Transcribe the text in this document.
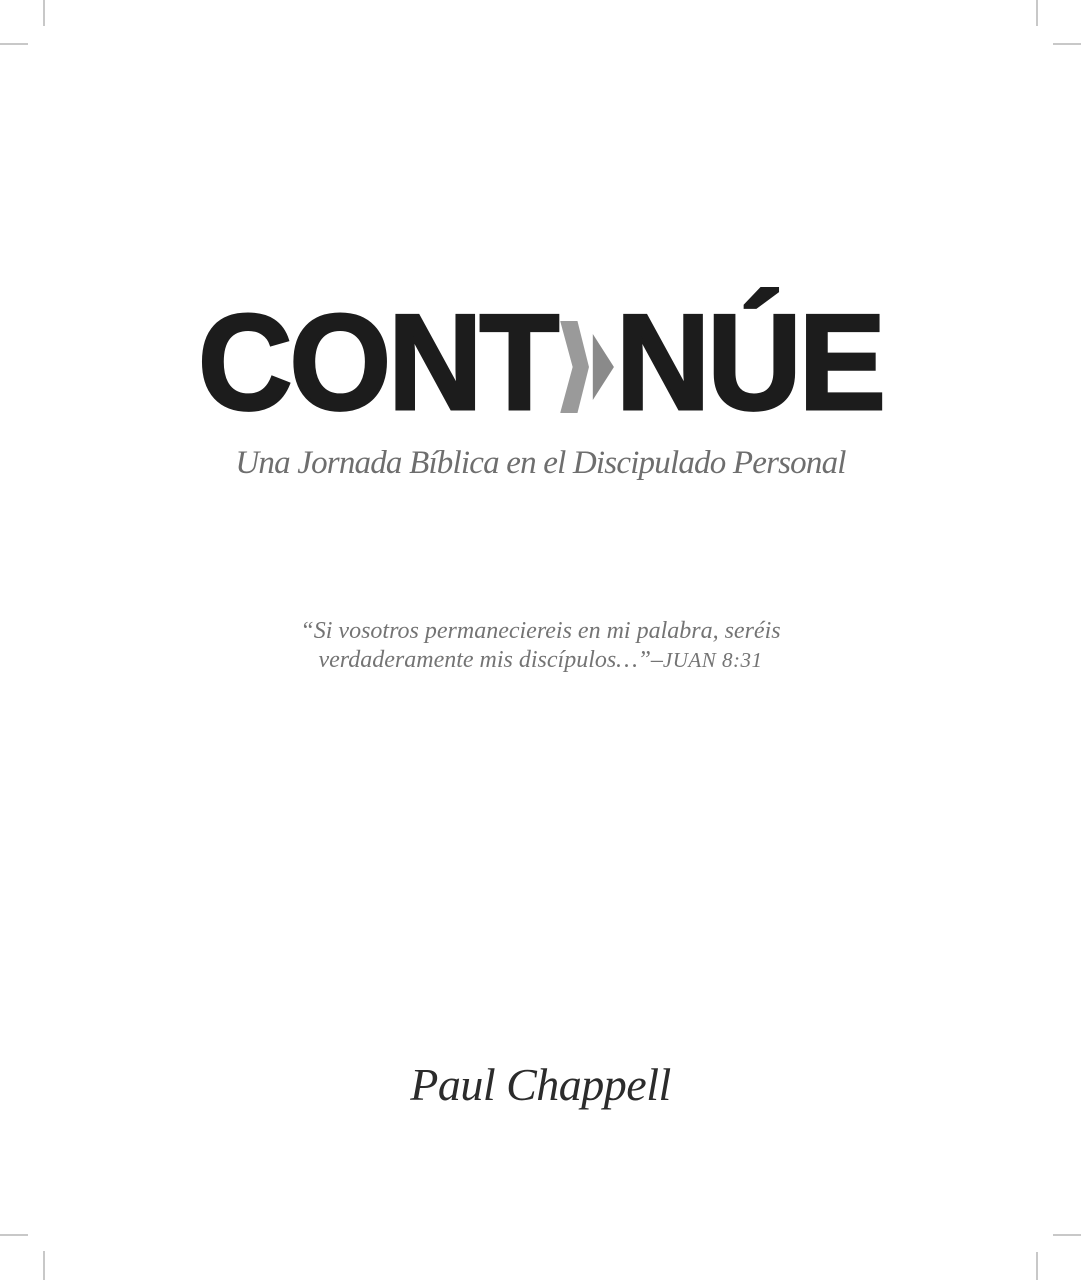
CONT NÚE
Una Jornada Bíblica en el Discipulado Personal
“Si vosotros permaneciereis en mi palabra, seréis
verdaderamente mis discípulos…”–JUAN 8:31
Paul Chappell
